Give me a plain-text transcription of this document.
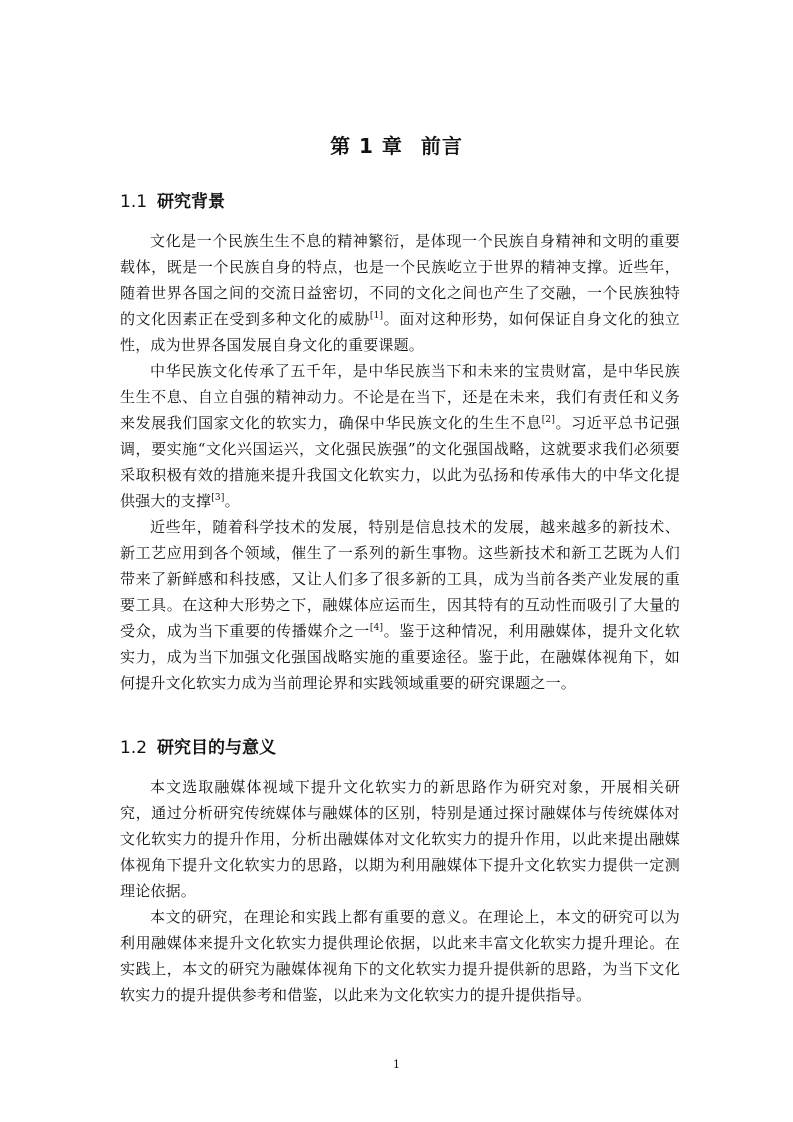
第 1 章 前言
1.1 研究背景

文化是一个民族生生不息的精神繁衍，是体现一个民族自身精神和文明的重要载体，既是一个民族自身的特点，也是一个民族屹立于世界的精神支撑。近些年，随着世界各国之间的交流日益密切，不同的文化之间也产生了交融，一个民族独特的文化因素正在受到多种文化的威胁[1]。面对这种形势，如何保证自身文化的独立性，成为世界各国发展自身文化的重要课题。

中华民族文化传承了五千年，是中华民族当下和未来的宝贵财富，是中华民族生生不息、自立自强的精神动力。不论是在当下，还是在未来，我们有责任和义务来发展我们国家文化的软实力，确保中华民族文化的生生不息[2]。习近平总书记强调，要实施“文化兴国运兴，文化强民族强”的文化强国战略，这就要求我们必须要采取积极有效的措施来提升我国文化软实力，以此为弘扬和传承伟大的中华文化提供强大的支撑[3]。

近些年，随着科学技术的发展，特别是信息技术的发展，越来越多的新技术、新工艺应用到各个领域，催生了一系列的新生事物。这些新技术和新工艺既为人们带来了新鲜感和科技感，又让人们多了很多新的工具，成为当前各类产业发展的重要工具。在这种大形势之下，融媒体应运而生，因其特有的互动性而吸引了大量的受众，成为当下重要的传播媒介之一[4]。鉴于这种情况，利用融媒体，提升文化软实力，成为当下加强文化强国战略实施的重要途径。鉴于此，在融媒体视角下，如何提升文化软实力成为当前理论界和实践领域重要的研究课题之一。

1.2 研究目的与意义

本文选取融媒体视域下提升文化软实力的新思路作为研究对象，开展相关研究，通过分析研究传统媒体与融媒体的区别，特别是通过探讨融媒体与传统媒体对文化软实力的提升作用，分析出融媒体对文化软实力的提升作用，以此来提出融媒体视角下提升文化软实力的思路，以期为利用融媒体下提升文化软实力提供一定测理论依据。

本文的研究，在理论和实践上都有重要的意义。在理论上，本文的研究可以为利用融媒体来提升文化软实力提供理论依据，以此来丰富文化软实力提升理论。在实践上，本文的研究为融媒体视角下的文化软实力提升提供新的思路，为当下文化软实力的提升提供参考和借鉴，以此来为文化软实力的提升提供指导。

1
